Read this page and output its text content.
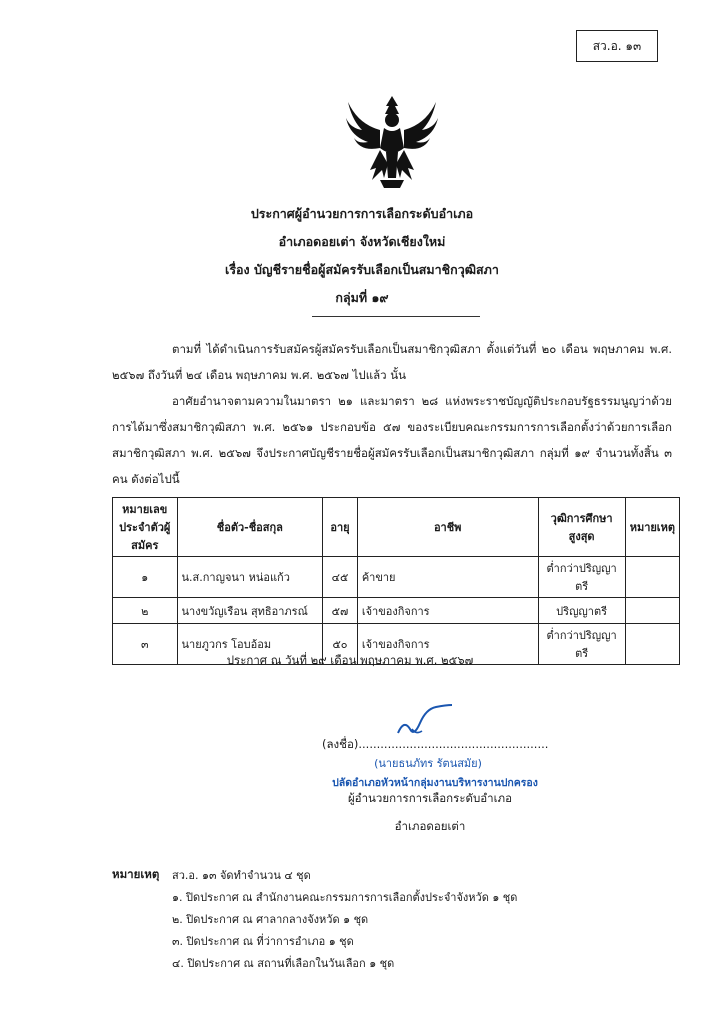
สว.อ. ๑๓
ประกาศผู้อำนวยการการเลือกระดับอำเภอ
อำเภอดอยเต่า จังหวัดเชียงใหม่
เรื่อง บัญชีรายชื่อผู้สมัครรับเลือกเป็นสมาชิกวุฒิสภา
กลุ่มที่ ๑๙
ตามที่ ได้ดำเนินการรับสมัครผู้สมัครรับเลือกเป็นสมาชิกวุฒิสภา ตั้งแต่วันที่ ๒๐ เดือน พฤษภาคม พ.ศ. ๒๕๖๗ ถึงวันที่ ๒๔ เดือน พฤษภาคม พ.ศ. ๒๕๖๗ ไปแล้ว นั้น
อาศัยอำนาจตามความในมาตรา ๒๑ และมาตรา ๒๘ แห่งพระราชบัญญัติประกอบรัฐธรรมนูญว่าด้วยการได้มาซึ่งสมาชิกวุฒิสภา พ.ศ. ๒๕๖๑ ประกอบข้อ ๕๗ ของระเบียบคณะกรรมการการเลือกตั้งว่าด้วยการเลือกสมาชิกวุฒิสภา พ.ศ. ๒๕๖๗ จึงประกาศบัญชีรายชื่อผู้สมัครรับเลือกเป็นสมาชิกวุฒิสภา กลุ่มที่ ๑๙ จำนวนทั้งสิ้น ๓ คน ดังต่อไปนี้
หมายเลขประจำตัวผู้สมัคร	ชื่อตัว-ชื่อสกุล	อายุ	อาชีพ	วุฒิการศึกษาสูงสุด	หมายเหตุ
๑	น.ส.กาญจนา หน่อแก้ว	๔๕	ค้าขาย	ต่ำกว่าปริญญาตรี	
๒	นางขวัญเรือน สุทธิอาภรณ์	๕๗	เจ้าของกิจการ	ปริญญาตรี	
๓	นายภูวกร โอบอ้อม	๕๐	เจ้าของกิจการ	ต่ำกว่าปริญญาตรี	
ประกาศ ณ วันที่ ๒๙ เดือน พฤษภาคม พ.ศ. ๒๕๖๗
(ลงชื่อ)....................................................
(นายธนภัทร รัตนสมัย)
ปลัดอำเภอหัวหน้ากลุ่มงานบริหารงานปกครอง
ผู้อำนวยการการเลือกระดับอำเภอ
อำเภอดอยเต่า
หมายเหตุ สว.อ. ๑๓ จัดทำจำนวน ๔ ชุด
๑. ปิดประกาศ ณ สำนักงานคณะกรรมการการเลือกตั้งประจำจังหวัด ๑ ชุด
๒. ปิดประกาศ ณ ศาลากลางจังหวัด ๑ ชุด
๓. ปิดประกาศ ณ ที่ว่าการอำเภอ ๑ ชุด
๔. ปิดประกาศ ณ สถานที่เลือกในวันเลือก ๑ ชุด
